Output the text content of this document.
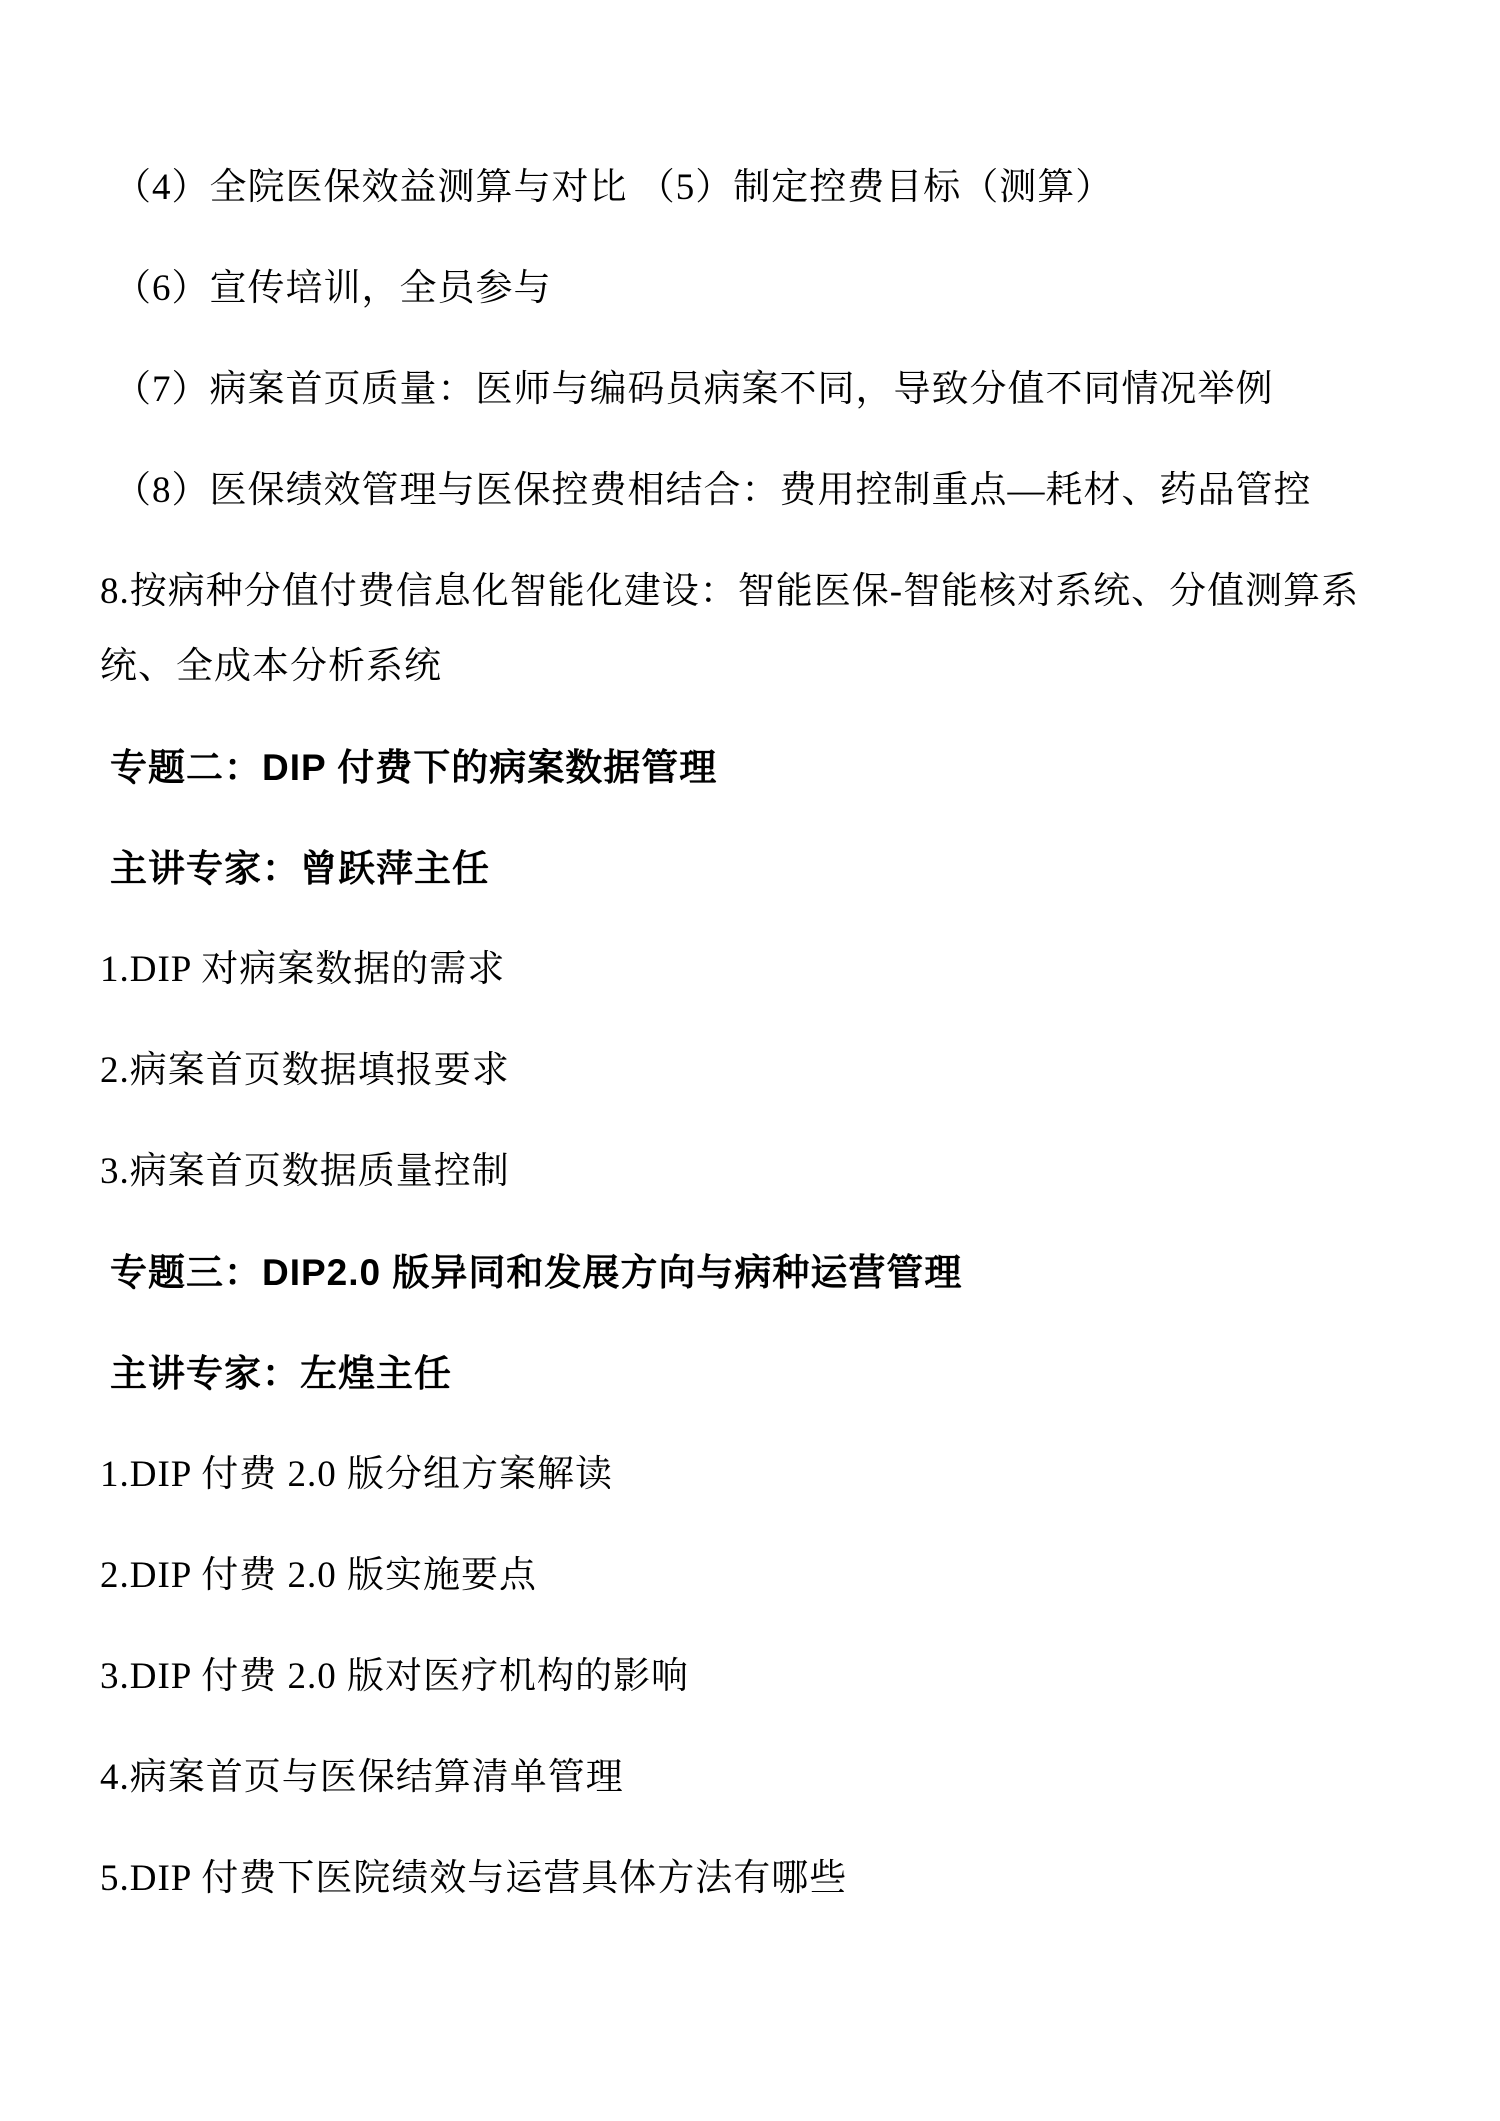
（4）全院医保效益测算与对比 （5）制定控费目标（测算）

（6）宣传培训，全员参与

（7）病案首页质量：医师与编码员病案不同，导致分值不同情况举例

（8）医保绩效管理与医保控费相结合：费用控制重点—耗材、药品管控

8.按病种分值付费信息化智能化建设：智能医保-智能核对系统、分值测算系统、全成本分析系统

专题二：DIP 付费下的病案数据管理

主讲专家：曾跃萍主任

1.DIP 对病案数据的需求

2.病案首页数据填报要求

3.病案首页数据质量控制

专题三：DIP2.0 版异同和发展方向与病种运营管理

主讲专家：左煌主任

1.DIP 付费 2.0 版分组方案解读

2.DIP 付费 2.0 版实施要点

3.DIP 付费 2.0 版对医疗机构的影响

4.病案首页与医保结算清单管理

5.DIP 付费下医院绩效与运营具体方法有哪些
